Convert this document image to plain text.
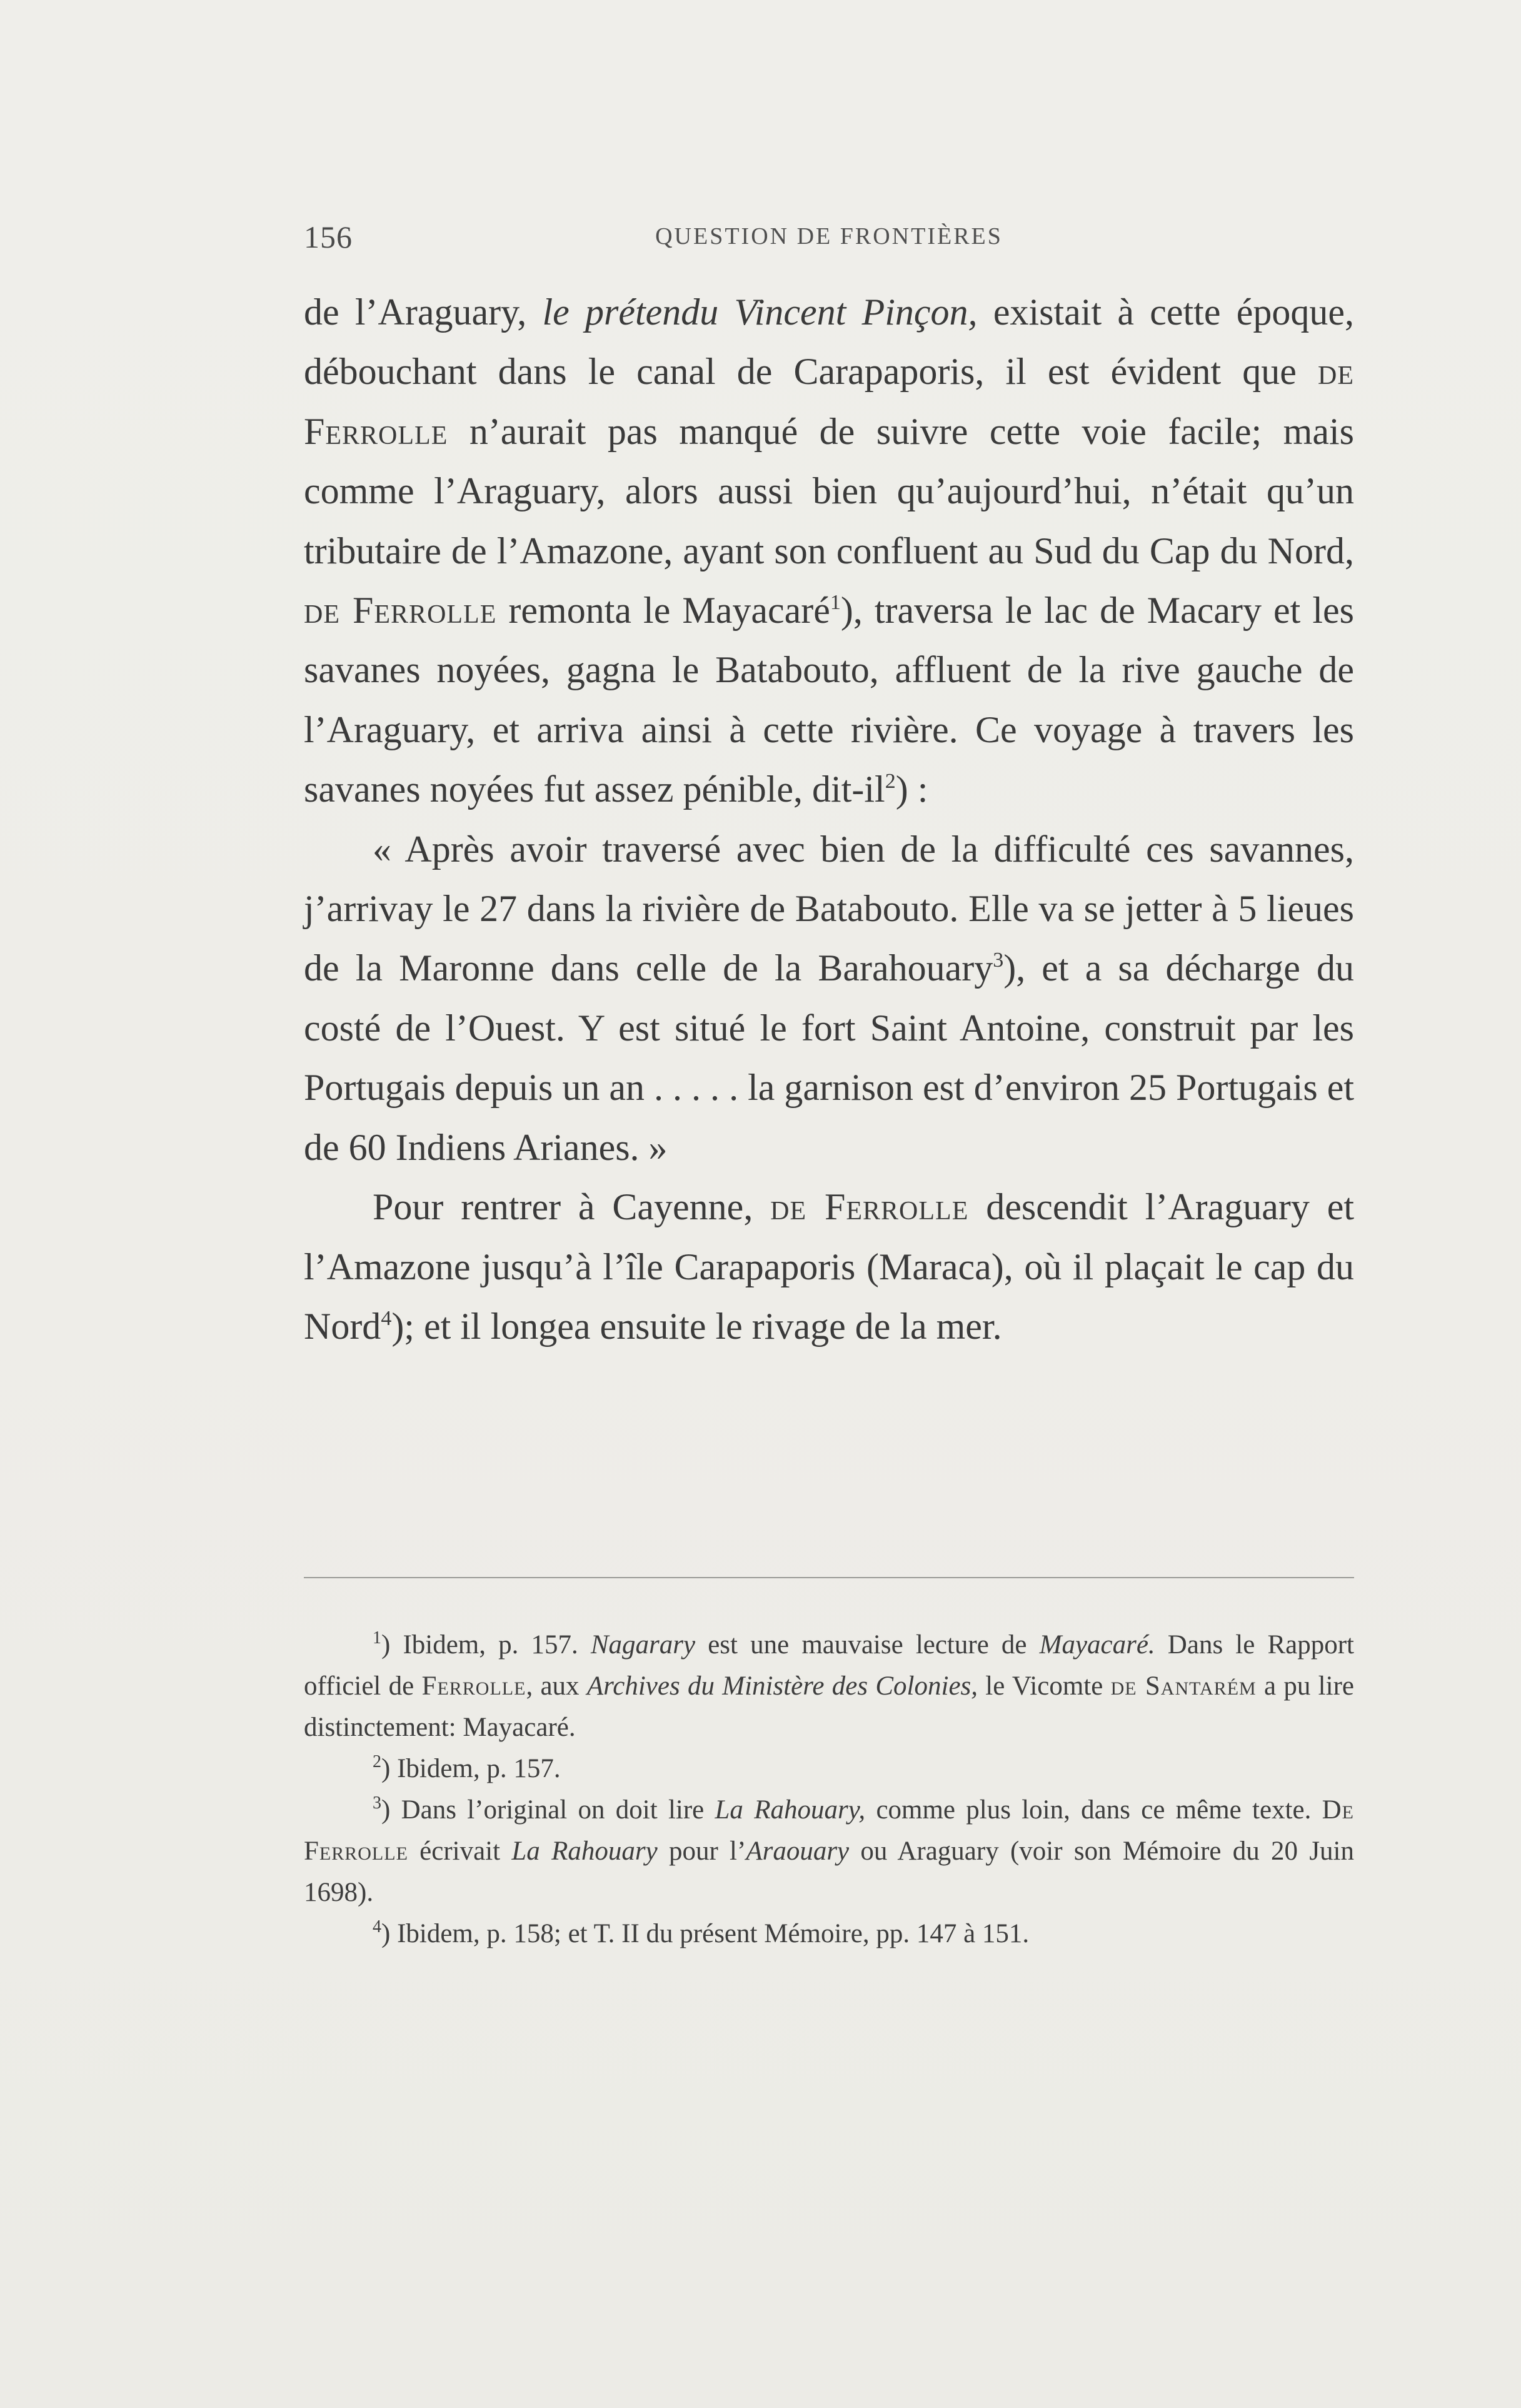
156	QUESTION DE FRONTIÈRES

de l’Araguary, le prétendu Vincent Pinçon, existait à cette époque, débouchant dans le canal de Carapaporis, il est évident que de Ferrolle n’aurait pas manqué de suivre cette voie facile; mais comme l’Araguary, alors aussi bien qu’aujourd’hui, n’était qu’un tributaire de l’Amazone, ayant son confluent au Sud du Cap du Nord, de Ferrolle remonta le Mayacaré$^1$), traversa le lac de Macary et les savanes noyées, gagna le Batabouto, affluent de la rive gauche de l’Araguary, et arriva ainsi à cette rivière. Ce voyage à travers les savanes noyées fut assez pénible, dit-$il^2$) :

« Après avoir traversé avec bien de la difficulté ces savannes, j’arrivay le 27 dans la rivière de Batabouto. Elle va se jetter à 5 lieues de la Maronne dans celle de la Barahouary$^3$), et a sa décharge du costé de l’Ouest. Y est situé le fort Saint Antoine, construit par les Portugais depuis un an . . . . . la garnison est d’environ 25 Portugais et de 60 Indiens Arianes. »

Pour rentrer à Cayenne, de Ferrolle descendit l’Araguary et l’Amazone jusqu’à l’île Carapaporis (Maraca), où il plaçait le cap du Nord$^4$); et il longea ensuite le rivage de la mer.

$^1$) Ibidem, p. 157. Nagarary est une mauvaise lecture de Mayacaré. Dans le Rapport officiel de Ferrolle, aux Archives du Ministère des Colonies, le Vicomte de Santarém a pu lire distinctement: Mayacaré.

$^2$) Ibidem, p. 157.

$^3$) Dans l’original on doit lire La Rahouary, comme plus loin, dans ce même texte. De Ferrolle écrivait La Rahouary pour l’Araouary ou Araguary (voir son Mémoire du 20 Juin 1698).

$^4$) Ibidem, p. 158; et T. II du présent Mémoire, pp. 147 à 151.
